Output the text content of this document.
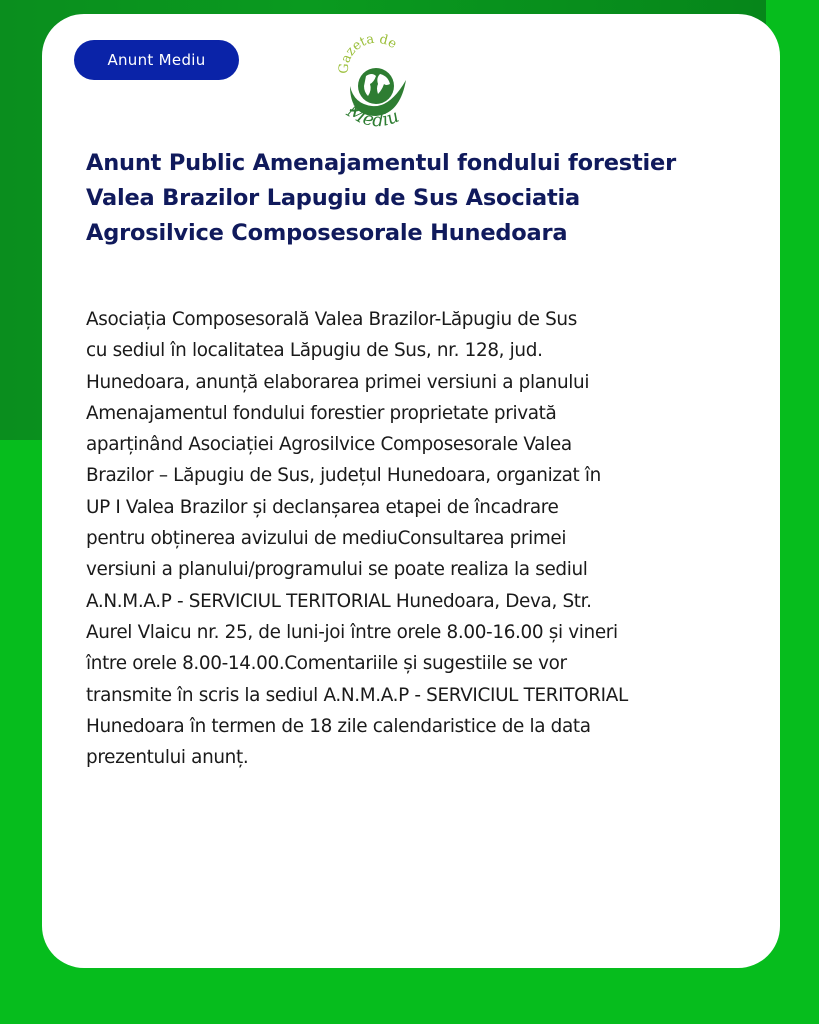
Anunt Mediu	Gazeta de
Mediu
Anunt Public Amenajamentul fondului forestier
Valea Brazilor Lapugiu de Sus Asociatia
Agrosilvice Composesorale Hunedoara

Asociația Composesorală Valea Brazilor-Lăpugiu de Sus

cu sediul în localitatea Lăpugiu de Sus, nr. 128, jud.

Hunedoara, anunță elaborarea primei versiuni a planului

Amenajamentul fondului forestier proprietate privată

aparținând Asociației Agrosilvice Composesorale Valea

Brazilor – Lăpugiu de Sus, județul Hunedoara, organizat în

UP I Valea Brazilor și declanșarea etapei de încadrare

pentru obținerea avizului de mediuConsultarea primei

versiuni a planului/programului se poate realiza la sediul

A.N.M.A.P - SERVICIUL TERITORIAL Hunedoara, Deva, Str.

Aurel Vlaicu nr. 25, de luni-joi între orele 8.00-16.00 și vineri

între orele 8.00-14.00.Comentariile și sugestiile se vor

transmite în scris la sediul A.N.M.A.P - SERVICIUL TERITORIAL

Hunedoara în termen de 18 zile calendaristice de la data

prezentului anunț.
